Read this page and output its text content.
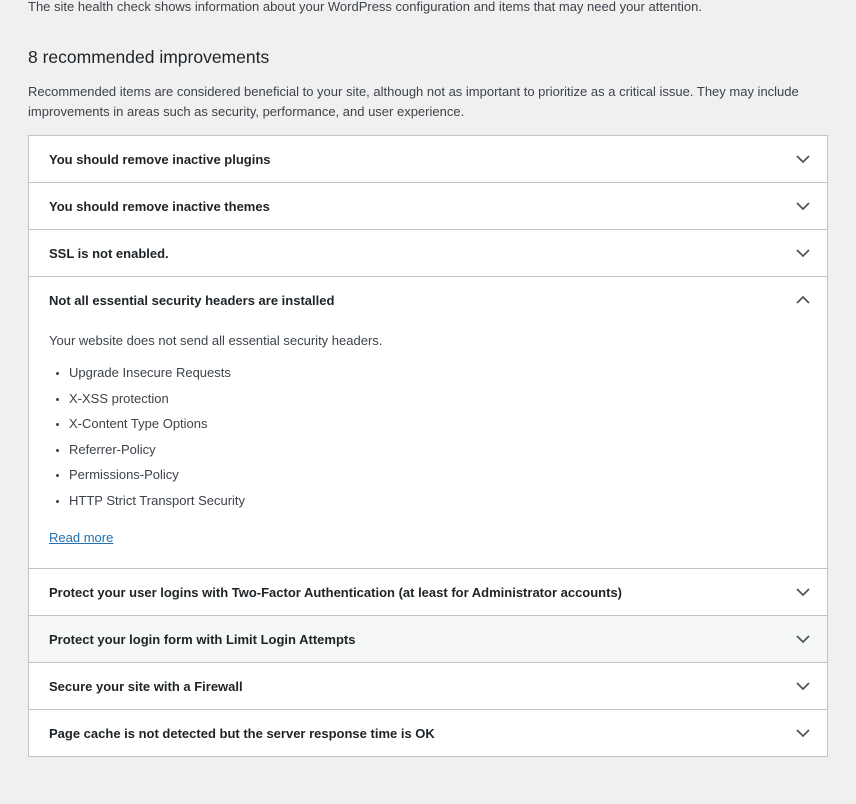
The site health check shows information about your WordPress configuration and items that may need your attention.
8 recommended improvements

Recommended items are considered beneficial to your site, although not as important to prioritize as a critical issue. They may include improvements in areas such as security, performance, and user experience.

You should remove inactive plugins
You should remove inactive themes
SSL is not enabled.
Not all essential security headers are installed

Your website does not send all essential security headers.

• Upgrade Insecure Requests
• X-XSS protection
• X-Content Type Options
• Referrer-Policy
• Permissions-Policy
• HTTP Strict Transport Security
Read more
Protect your user logins with Two-Factor Authentication (at least for Administrator accounts)
Protect your login form with Limit Login Attempts
Secure your site with a Firewall
Page cache is not detected but the server response time is OK
